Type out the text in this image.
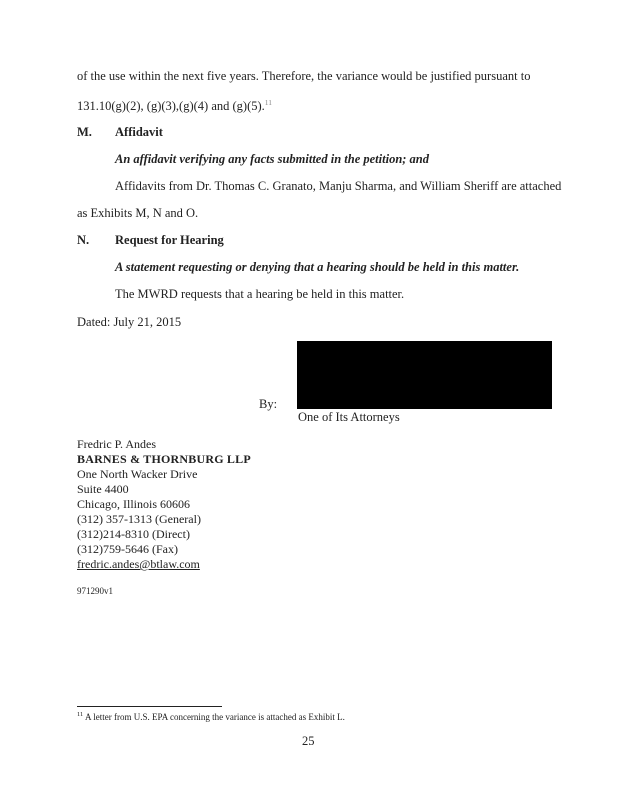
of the use within the next five years. Therefore, the variance would be justified pursuant to
131.10(g)(2), (g)(3),(g)(4) and (g)(5).$^{11}$
M. Affidavit
An affidavit verifying any facts submitted in the petition; and
Affidavits from Dr. Thomas C. Granato, Manju Sharma, and William Sheriff are attached
as Exhibits M, N and O.
N. Request for Hearing
A statement requesting or denying that a hearing should be held in this matter.
The MWRD requests that a hearing be held in this matter.
Dated: July 21, 2015
By:
One of Its Attorneys
Fredric P. Andes
BARNES & THORNBURG LLP
One North Wacker Drive
Suite 4400
Chicago, Illinois 60606
(312) 357-1313 (General)
(312)214-8310 (Direct)
(312)759-5646 (Fax)
fredric.andes@btlaw.com
971290v1
$^{11}$ A letter from U.S. EPA concerning the variance is attached as Exhibit L.
25
